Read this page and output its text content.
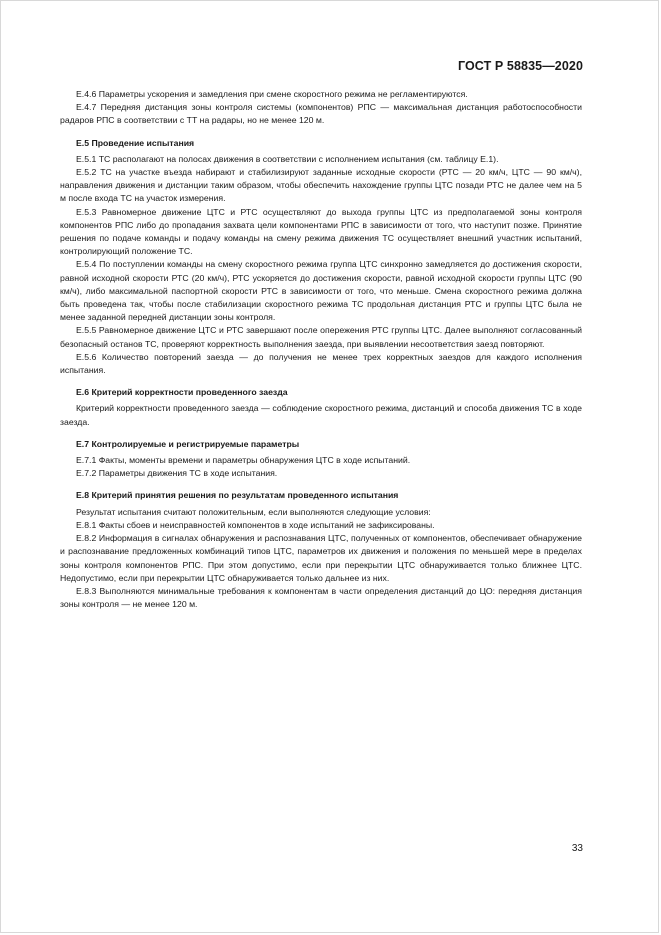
ГОСТ Р 58835—2020

Е.4.6 Параметры ускорения и замедления при смене скоростного режима не регламентируются.

Е.4.7 Передняя дистанция зоны контроля системы (компонентов) РПС — максимальная дистанция работоспособности радаров РПС в соответствии с ТТ на радары, но не менее 120 м.

Е.5 Проведение испытания

Е.5.1 ТС располагают на полосах движения в соответствии с исполнением испытания (см. таблицу Е.1).

Е.5.2 ТС на участке въезда набирают и стабилизируют заданные исходные скорости (РТС — 20 км/ч, ЦТС — 90 км/ч), направления движения и дистанции таким образом, чтобы обеспечить нахождение группы ЦТС позади РТС не далее чем на 5 м после входа ТС на участок измерения.

Е.5.3 Равномерное движение ЦТС и РТС осуществляют до выхода группы ЦТС из предполагаемой зоны контроля компонентов РПС либо до пропадания захвата цели компонентами РПС в зависимости от того, что наступит позже. Принятие решения по подаче команды и подачу команды на смену режима движения ТС осуществляет внешний участник испытаний, контролирующий положение ТС.

Е.5.4 По поступлении команды на смену скоростного режима группа ЦТС синхронно замедляется до достижения скорости, равной исходной скорости РТС (20 км/ч), РТС ускоряется до достижения скорости, равной исходной скорости группы ЦТС (90 км/ч), либо максимальной паспортной скорости РТС в зависимости от того, что меньше. Смена скоростного режима должна быть проведена так, чтобы после стабилизации скоростного режима ТС продольная дистанция РТС и группы ЦТС была не менее заданной передней дистанции зоны контроля.

Е.5.5 Равномерное движение ЦТС и РТС завершают после опережения РТС группы ЦТС. Далее выполняют согласованный безопасный останов ТС, проверяют корректность выполнения заезда, при выявлении несоответствия заезд повторяют.

Е.5.6 Количество повторений заезда — до получения не менее трех корректных заездов для каждого исполнения испытания.

Е.6 Критерий корректности проведенного заезда

Критерий корректности проведенного заезда — соблюдение скоростного режима, дистанций и способа движения ТС в ходе заезда.

Е.7 Контролируемые и регистрируемые параметры

Е.7.1 Факты, моменты времени и параметры обнаружения ЦТС в ходе испытаний.

Е.7.2 Параметры движения ТС в ходе испытания.

Е.8 Критерий принятия решения по результатам проведенного испытания

Результат испытания считают положительным, если выполняются следующие условия:

Е.8.1 Факты сбоев и неисправностей компонентов в ходе испытаний не зафиксированы.

Е.8.2 Информация в сигналах обнаружения и распознавания ЦТС, полученных от компонентов, обеспечивает обнаружение и распознавание предложенных комбинаций типов ЦТС, параметров их движения и положения по меньшей мере в пределах зоны контроля компонентов РПС. При этом допустимо, если при перекрытии ЦТС обнаруживается только ближнее ЦТС. Недопустимо, если при перекрытии ЦТС обнаруживается только дальнее из них.

Е.8.3 Выполняются минимальные требования к компонентам в части определения дистанций до ЦО: передняя дистанция зоны контроля — не менее 120 м.

33
